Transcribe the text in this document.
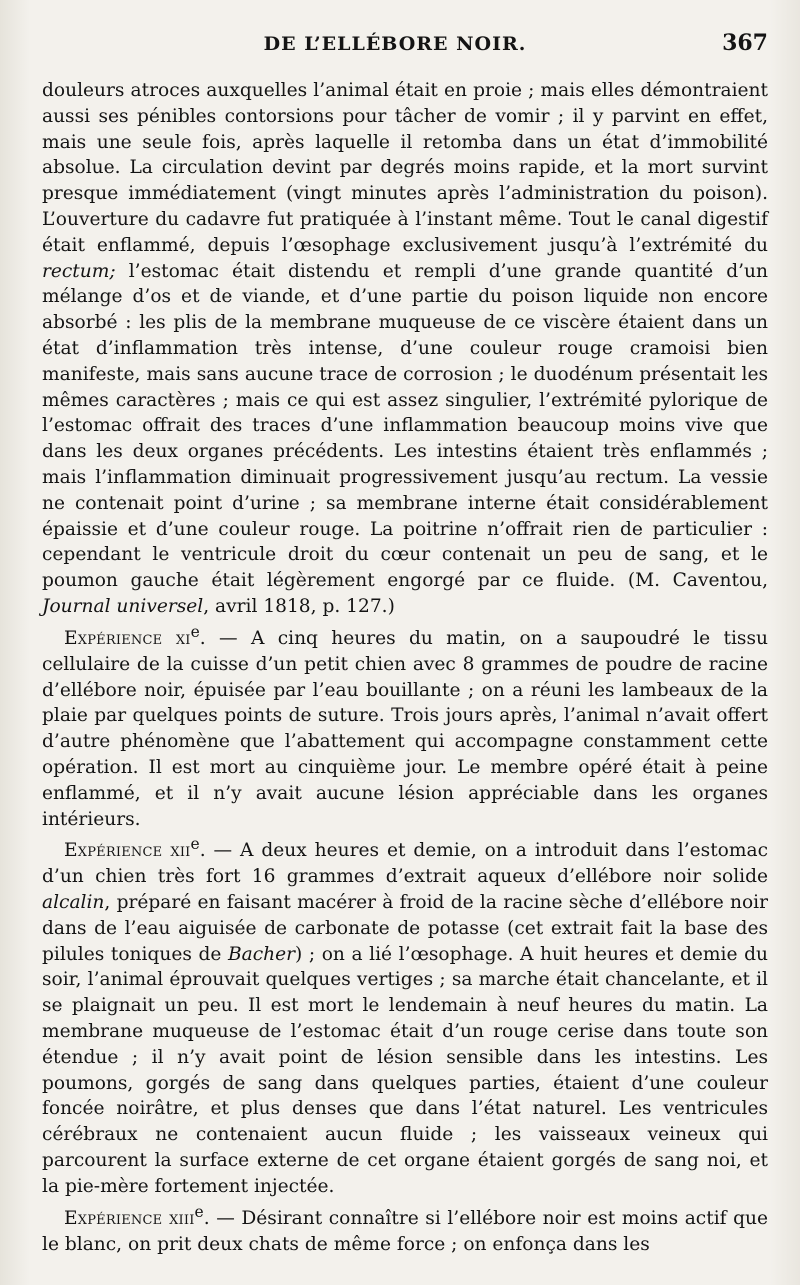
DE L’ELLÉBORE NOIR.	367

douleurs atroces auxquelles l’animal était en proie ; mais elles démontraient aussi ses pénibles contorsions pour tâcher de vomir ; il y parvint en effet, mais une seule fois, après laquelle il retomba dans un état d’immobilité absolue. La circulation devint par degrés moins rapide, et la mort survint presque immédiatement (vingt minutes après l’administration du poison). L’ouverture du cadavre fut pratiquée à l’instant même. Tout le canal digestif était enflammé, depuis l’œsophage exclusivement jusqu’à l’extrémité du rectum; l’estomac était distendu et rempli d’une grande quantité d’un mélange d’os et de viande, et d’une partie du poison liquide non encore absorbé : les plis de la membrane muqueuse de ce viscère étaient dans un état d’inflammation très intense, d’une couleur rouge cramoisi bien manifeste, mais sans aucune trace de corrosion ; le duodénum présentait les mêmes caractères ; mais ce qui est assez singulier, l’extrémité pylorique de l’estomac offrait des traces d’une inflammation beaucoup moins vive que dans les deux organes précédents. Les intestins étaient très enflammés ; mais l’inflammation diminuait progressivement jusqu’au rectum. La vessie ne contenait point d’urine ; sa membrane interne était considérablement épaissie et d’une couleur rouge. La poitrine n’offrait rien de particulier : cependant le ventricule droit du cœur contenait un peu de sang, et le poumon gauche était légèrement engorgé par ce fluide. (M. Caventou, Journal universel, avril 1818, p. 127.)

Expérience $xi^e$. — A cinq heures du matin, on a saupoudré le tissu cellulaire de la cuisse d’un petit chien avec 8 grammes de poudre de racine d’ellébore noir, épuisée par l’eau bouillante ; on a réuni les lambeaux de la plaie par quelques points de suture. Trois jours après, l’animal n’avait offert d’autre phénomène que l’abattement qui accompagne constamment cette opération. Il est mort au cinquième jour. Le membre opéré était à peine enflammé, et il n’y avait aucune lésion appréciable dans les organes intérieurs.

Expérience xii$^e$. — A deux heures et demie, on a introduit dans l’estomac d’un chien très fort 16 grammes d’extrait aqueux d’ellébore noir solide alcalin, préparé en faisant macérer à froid de la racine sèche d’ellébore noir dans de l’eau aiguisée de carbonate de potasse (cet extrait fait la base des pilules toniques de Bacher) ; on a lié l’œsophage. A huit heures et demie du soir, l’animal éprouvait quelques vertiges ; sa marche était chancelante, et il se plaignait un peu. Il est mort le lendemain à neuf heures du matin. La membrane muqueuse de l’estomac était d’un rouge cerise dans toute son étendue ; il n’y avait point de lésion sensible dans les intestins. Les poumons, gorgés de sang dans quelques parties, étaient d’une couleur foncée noirâtre, et plus denses que dans l’état naturel. Les ventricules cérébraux ne contenaient aucun fluide ; les vaisseaux veineux qui parcourent la surface externe de cet organe étaient gorgés de sang noi, et la pie-mère fortement injectée.

Expérience xiii$^e$. — Désirant connaître si l’ellébore noir est moins actif que le blanc, on prit deux chats de même force ; on enfonça dans les
